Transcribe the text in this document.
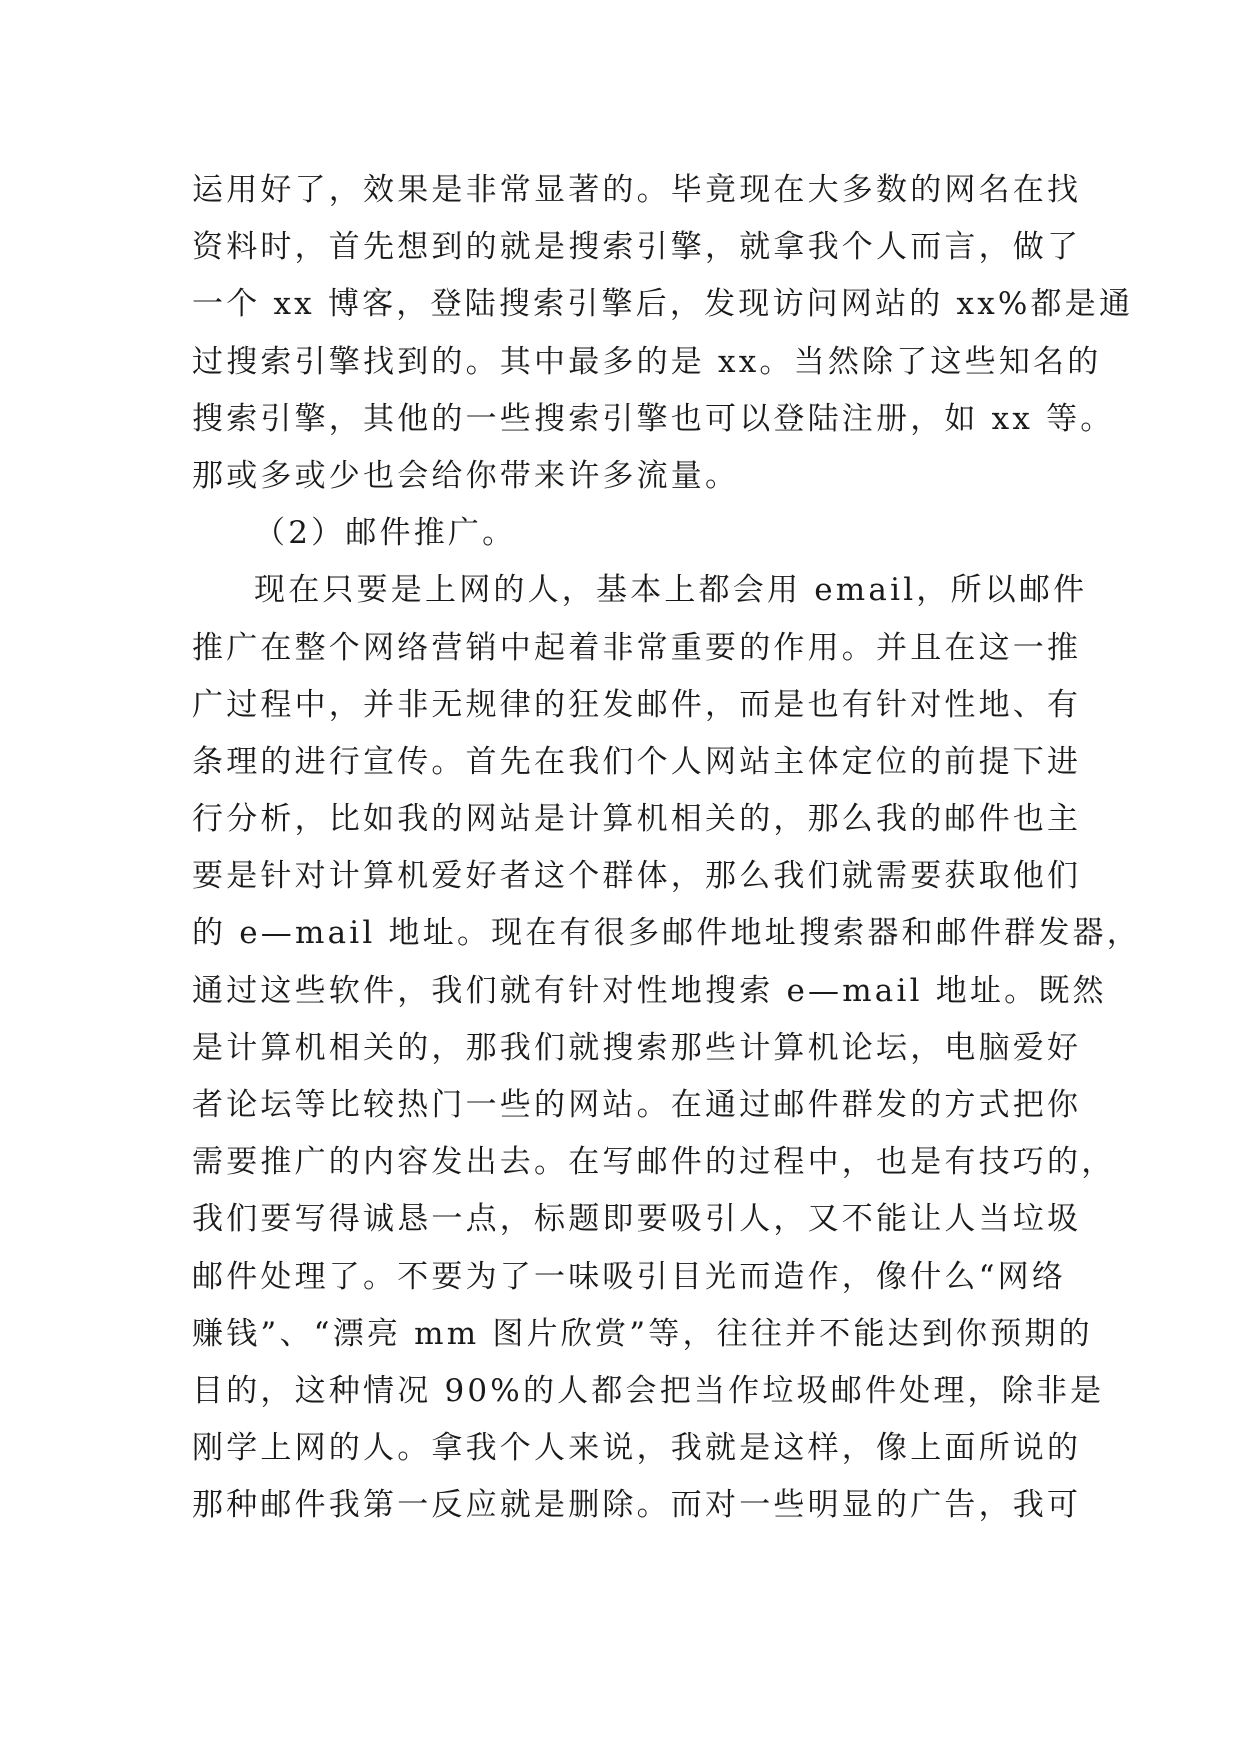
运用好了，效果是非常显著的。毕竟现在大多数的网名在找
资料时，首先想到的就是搜索引擎，就拿我个人而言，做了
一个 xx 博客，登陆搜索引擎后，发现访问网站的 xx%都是通
过搜索引擎找到的。其中最多的是 xx。当然除了这些知名的
搜索引擎，其他的一些搜索引擎也可以登陆注册，如 xx 等。
那或多或少也会给你带来许多流量。
（2）邮件推广。
现在只要是上网的人，基本上都会用 email，所以邮件
推广在整个网络营销中起着非常重要的作用。并且在这一推
广过程中，并非无规律的狂发邮件，而是也有针对性地、有
条理的进行宣传。首先在我们个人网站主体定位的前提下进
行分析，比如我的网站是计算机相关的，那么我的邮件也主
要是针对计算机爱好者这个群体，那么我们就需要获取他们
的 e—mail 地址。现在有很多邮件地址搜索器和邮件群发器，
通过这些软件，我们就有针对性地搜索 e—mail 地址。既然
是计算机相关的，那我们就搜索那些计算机论坛，电脑爱好
者论坛等比较热门一些的网站。在通过邮件群发的方式把你
需要推广的内容发出去。在写邮件的过程中，也是有技巧的，
我们要写得诚恳一点，标题即要吸引人，又不能让人当垃圾
邮件处理了。不要为了一味吸引目光而造作，像什么“网络
赚钱”、“漂亮 mm 图片欣赏”等，往往并不能达到你预期的
目的，这种情况 90%的人都会把当作垃圾邮件处理，除非是
刚学上网的人。拿我个人来说，我就是这样，像上面所说的
那种邮件我第一反应就是删除。而对一些明显的广告，我可
